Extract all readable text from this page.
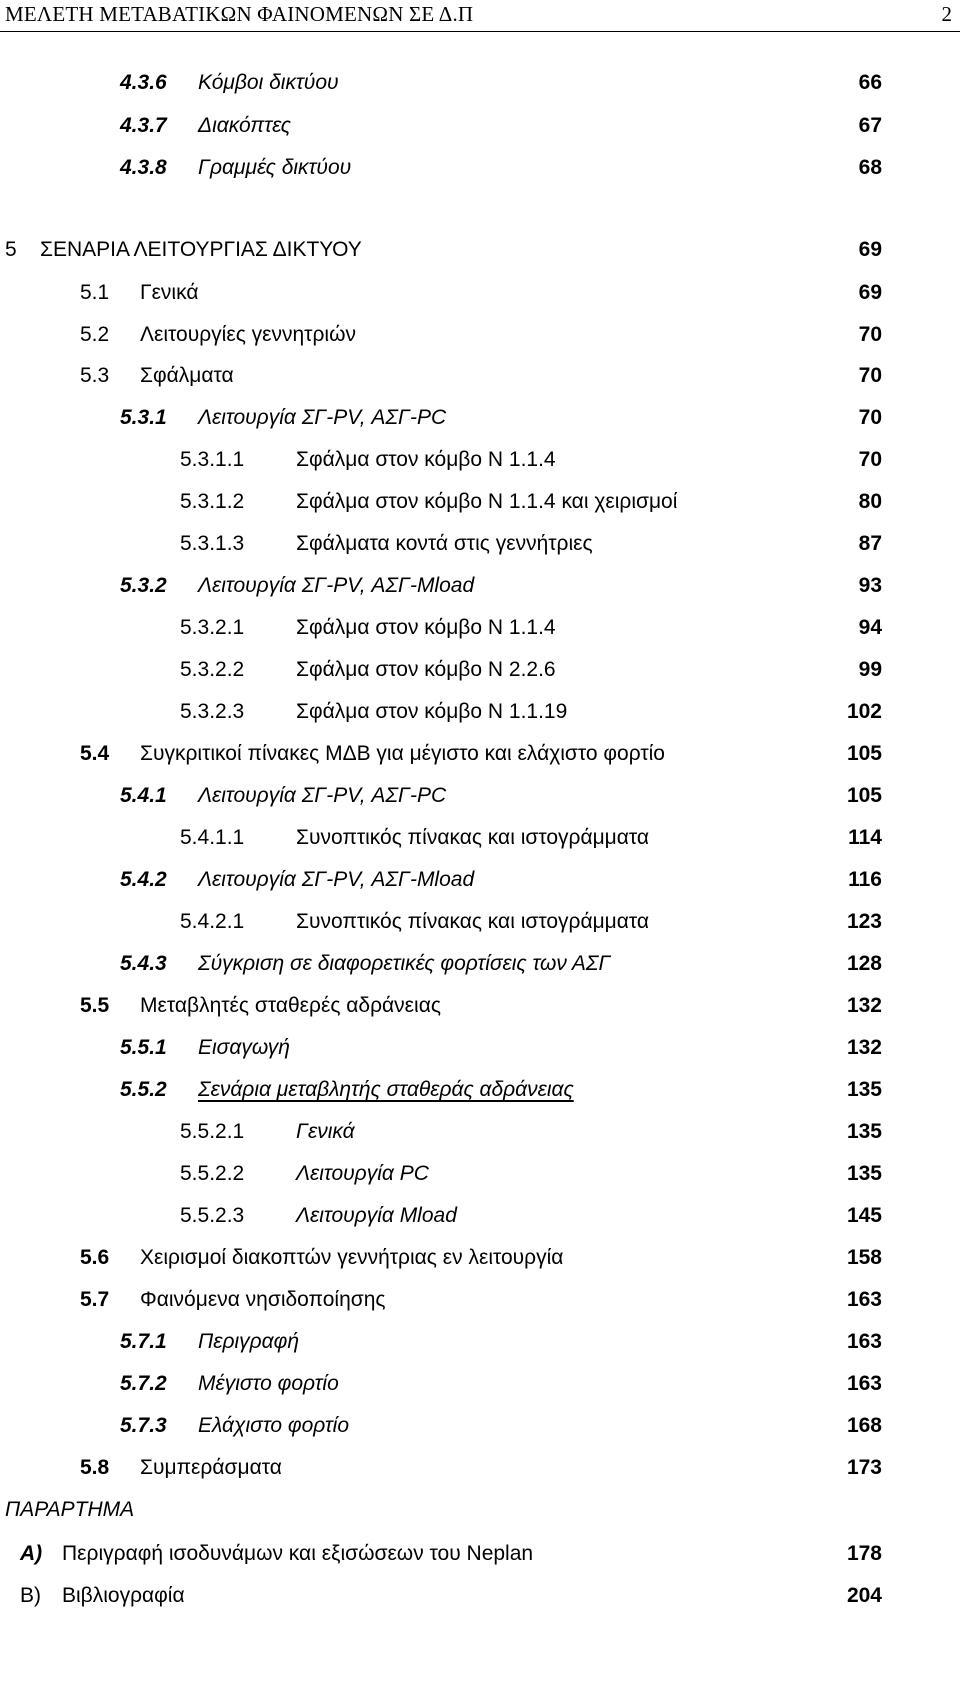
ΜΕΛΕΤΗ ΜΕΤΑΒΑΤΙΚΩΝ ΦΑΙΝΟΜΕΝΩΝ ΣΕ Δ.Π	2
4.3.6 Κόμβοι δικτύου	66
4.3.7 Διακόπτες	67
4.3.8 Γραμμές δικτύου	68
5 ΣΕΝΑΡΙΑ ΛΕΙΤΟΥΡΓΙΑΣ ΔΙΚΤΥΟΥ	69
5.1 Γενικά	69
5.2 Λειτουργίες γεννητριών	70
5.3 Σφάλματα	70
5.3.1 Λειτουργία ΣΓ-PV, ΑΣΓ-PC	70
5.3.1.1 Σφάλμα στον κόμβο Ν 1.1.4	70
5.3.1.2 Σφάλμα στον κόμβο Ν 1.1.4 και χειρισμοί	80
5.3.1.3 Σφάλματα κοντά στις γεννήτριες	87
5.3.2 Λειτουργία ΣΓ-PV, ΑΣΓ-Mload	93
5.3.2.1 Σφάλμα στον κόμβο Ν 1.1.4	94
5.3.2.2 Σφάλμα στον κόμβο Ν 2.2.6	99
5.3.2.3 Σφάλμα στον κόμβο Ν 1.1.19	102
5.4 Συγκριτικοί πίνακες ΜΔΒ για μέγιστο και ελάχιστο φορτίο	105
5.4.1 Λειτουργία ΣΓ-PV, ΑΣΓ-PC	105
5.4.1.1 Συνοπτικός πίνακας και ιστογράμματα	114
5.4.2 Λειτουργία ΣΓ-PV, ΑΣΓ-Mload	116
5.4.2.1 Συνοπτικός πίνακας και ιστογράμματα	123
5.4.3 Σύγκριση σε διαφορετικές φορτίσεις των ΑΣΓ	128
5.5 Μεταβλητές σταθερές αδράνειας	132
5.5.1 Εισαγωγή	132
5.5.2 Σενάρια μεταβλητής σταθεράς αδράνειας	135
5.5.2.1 Γενικά	135
5.5.2.2 Λειτουργία PC	135
5.5.2.3 Λειτουργία Mload	145
5.6 Χειρισμοί διακοπτών γεννήτριας εν λειτουργία	158
5.7 Φαινόμενα νησιδοποίησης	163
5.7.1 Περιγραφή	163
5.7.2 Μέγιστο φορτίο	163
5.7.3 Ελάχιστο φορτίο	168
5.8 Συμπεράσματα	173
ΠΑΡΑΡΤΗΜΑ
Α) Περιγραφή ισοδυνάμων και εξισώσεων του Neplan	178
Β) Βιβλιογραφία	204
